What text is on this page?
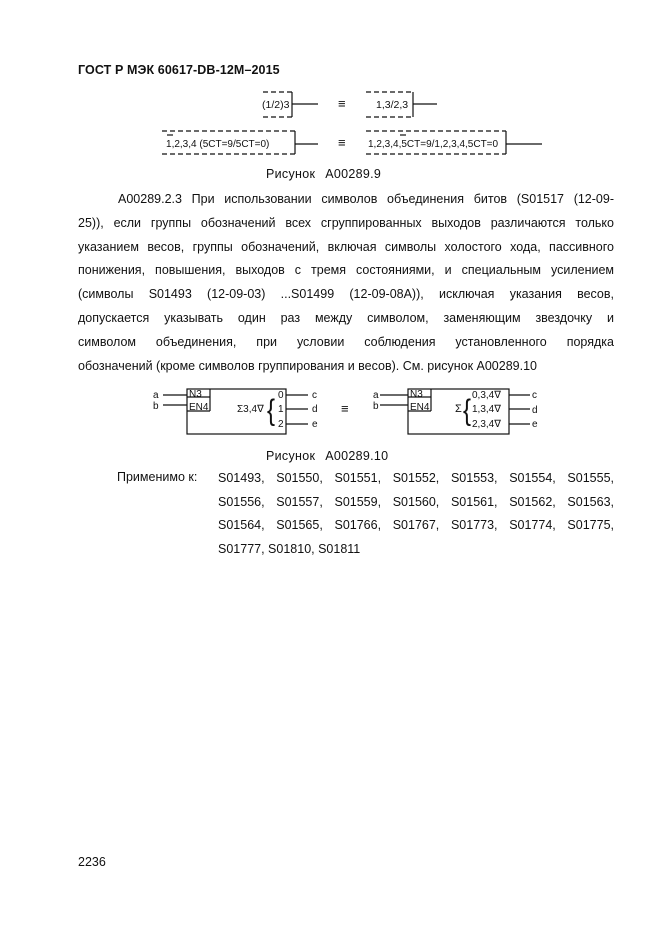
ГОСТ Р МЭК 60617-DB-12M–2015
(1/2)3	≡	1,3/2,3
1,2,3,4 (5CT=9/5CT=0)	≡ 1,2,3,4,5CT=9/1,2,3,4,5CT=0
Рисунок A00289.9
A00289.2.3 При использовании символов объединения битов (S01517 (12-09-
25)), если группы обозначений всех сгруппированных выходов различаются только
указанием весов, группы обозначений, включая символы холостого хода, пассивного
понижения, повышения, выходов с тремя состояниями, и специальным усилением
(символы S01493 (12-09-03) ...S01499 (12-09-08A)), исключая указания весов,
допускается указывать один раз между символом, заменяющим звездочку и
символом объединения, при условии соблюдения установленного порядка
обозначений (кроме символов группирования и весов). См. рисунок A00289.10
a
b
N3
EN4	Σ3,4∇ { 0
1
2
c
d
e
≡
a
b
N3
EN4 Σ { 0,3,4∇
1,3,4∇
2,3,4∇
c
d
e
Рисунок A00289.10
Применимо к: S01493, S01550, S01551, S01552, S01553, S01554, S01555,
S01556, S01557, S01559, S01560, S01561, S01562, S01563,
S01564, S01565, S01766, S01767, S01773, S01774, S01775,
S01777, S01810, S01811
2236
